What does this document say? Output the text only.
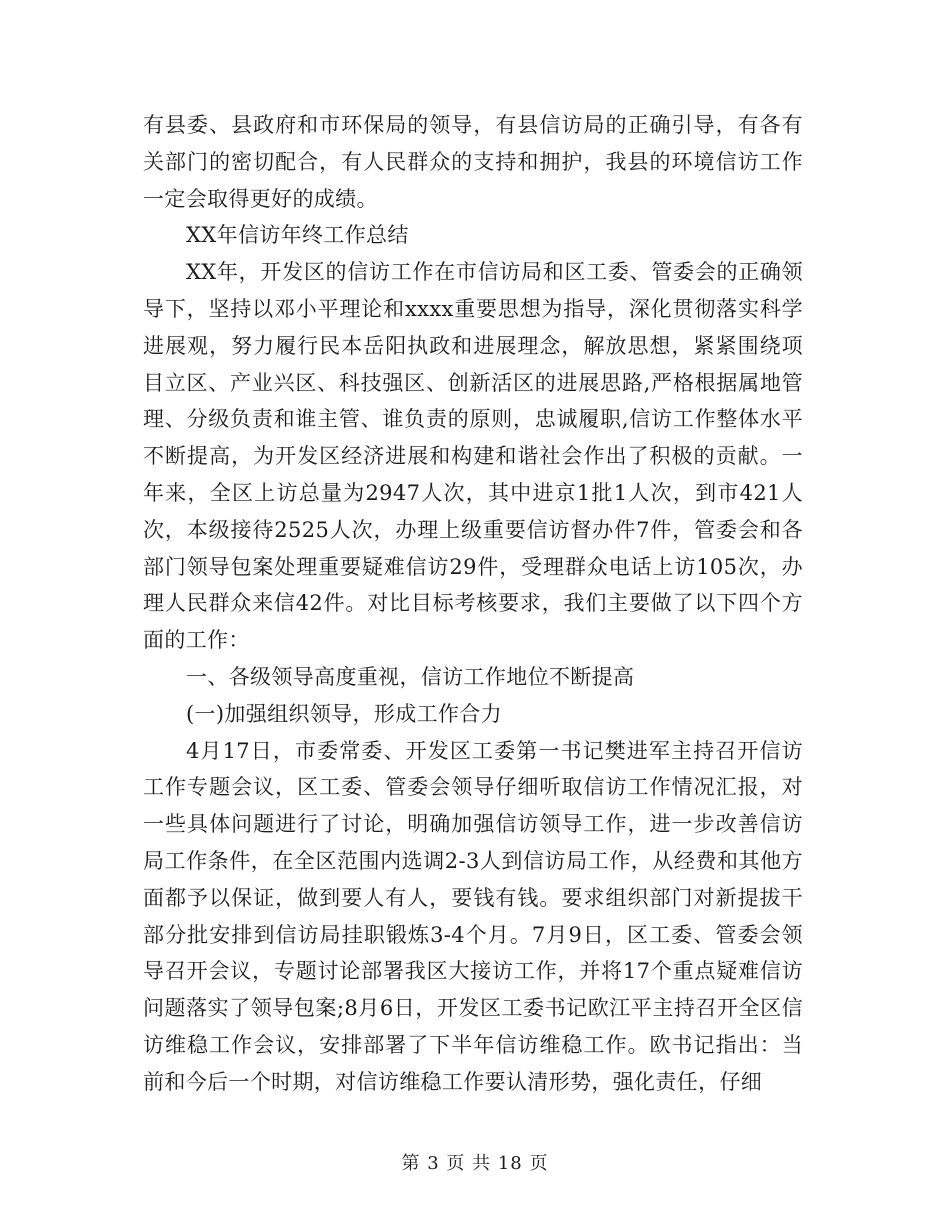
有县委、县政府和市环保局的领导，有县信访局的正确引导，有各有关部门的密切配合，有人民群众的支持和拥护，我县的环境信访工作一定会取得更好的成绩。

XX年信访年终工作总结

XX年，开发区的信访工作在市信访局和区工委、管委会的正确领导下，坚持以邓小平理论和xxxx重要思想为指导，深化贯彻落实科学进展观，努力履行民本岳阳执政和进展理念，解放思想，紧紧围绕项目立区、产业兴区、科技强区、创新活区的进展思路,严格根据属地管理、分级负责和谁主管、谁负责的原则，忠诚履职,信访工作整体水平不断提高，为开发区经济进展和构建和谐社会作出了积极的贡献。一年来，全区上访总量为2947人次，其中进京1批1人次，到市421人次，本级接待2525人次，办理上级重要信访督办件7件，管委会和各部门领导包案处理重要疑难信访29件，受理群众电话上访105次，办理人民群众来信42件。对比目标考核要求，我们主要做了以下四个方面的工作：

一、各级领导高度重视，信访工作地位不断提高

(一)加强组织领导，形成工作合力

4月17日，市委常委、开发区工委第一书记樊进军主持召开信访工作专题会议，区工委、管委会领导仔细听取信访工作情况汇报，对一些具体问题进行了讨论，明确加强信访领导工作，进一步改善信访局工作条件，在全区范围内选调2-3人到信访局工作，从经费和其他方面都予以保证，做到要人有人，要钱有钱。要求组织部门对新提拔干部分批安排到信访局挂职锻炼3-4个月。7月9日，区工委、管委会领导召开会议，专题讨论部署我区大接访工作，并将17个重点疑难信访问题落实了领导包案;8月6日，开发区工委书记欧江平主持召开全区信访维稳工作会议，安排部署了下半年信访维稳工作。欧书记指出：当前和今后一个时期，对信访维稳工作要认清形势，强化责任，仔细

第 3 页 共 18 页
